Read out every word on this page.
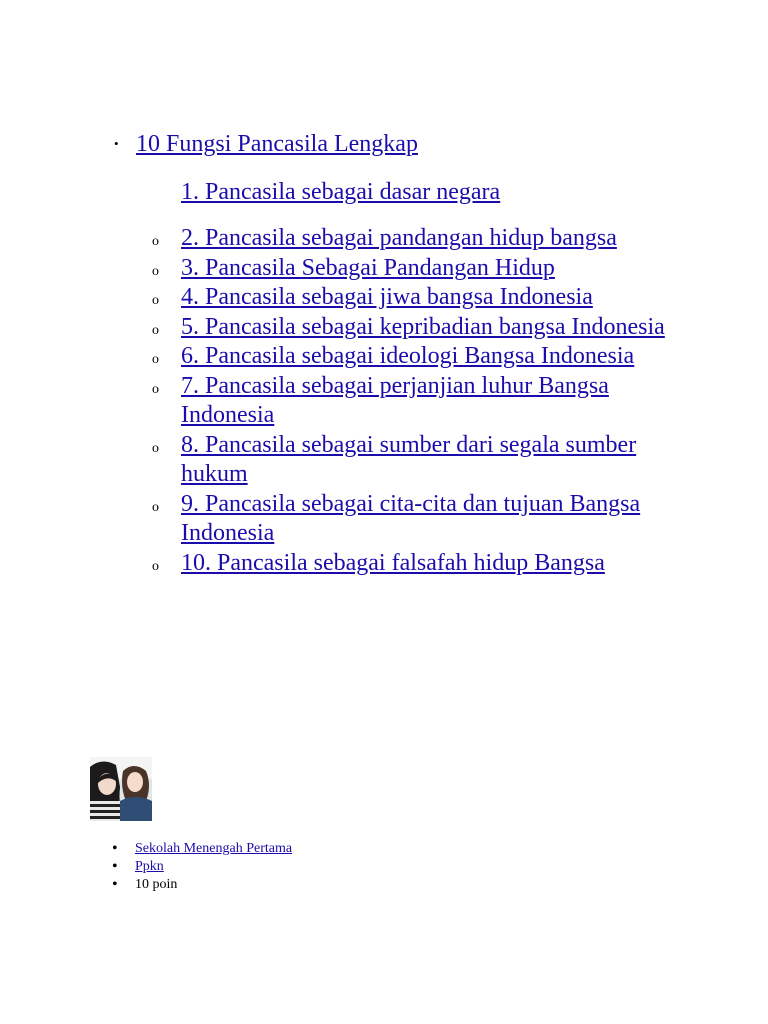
• 10 Fungsi Pancasila Lengkap
1. Pancasila sebagai dasar negara
o 2. Pancasila sebagai pandangan hidup bangsa
o 3. Pancasila Sebagai Pandangan Hidup
o 4. Pancasila sebagai jiwa bangsa Indonesia
o 5. Pancasila sebagai kepribadian bangsa Indonesia
o 6. Pancasila sebagai ideologi Bangsa Indonesia
o 7. Pancasila sebagai perjanjian luhur Bangsa Indonesia
o 8. Pancasila sebagai sumber dari segala sumber hukum
o 9. Pancasila sebagai cita-cita dan tujuan Bangsa Indonesia
o 10. Pancasila sebagai falsafah hidup Bangsa
• Sekolah Menengah Pertama
• Ppkn
• 10 poin
